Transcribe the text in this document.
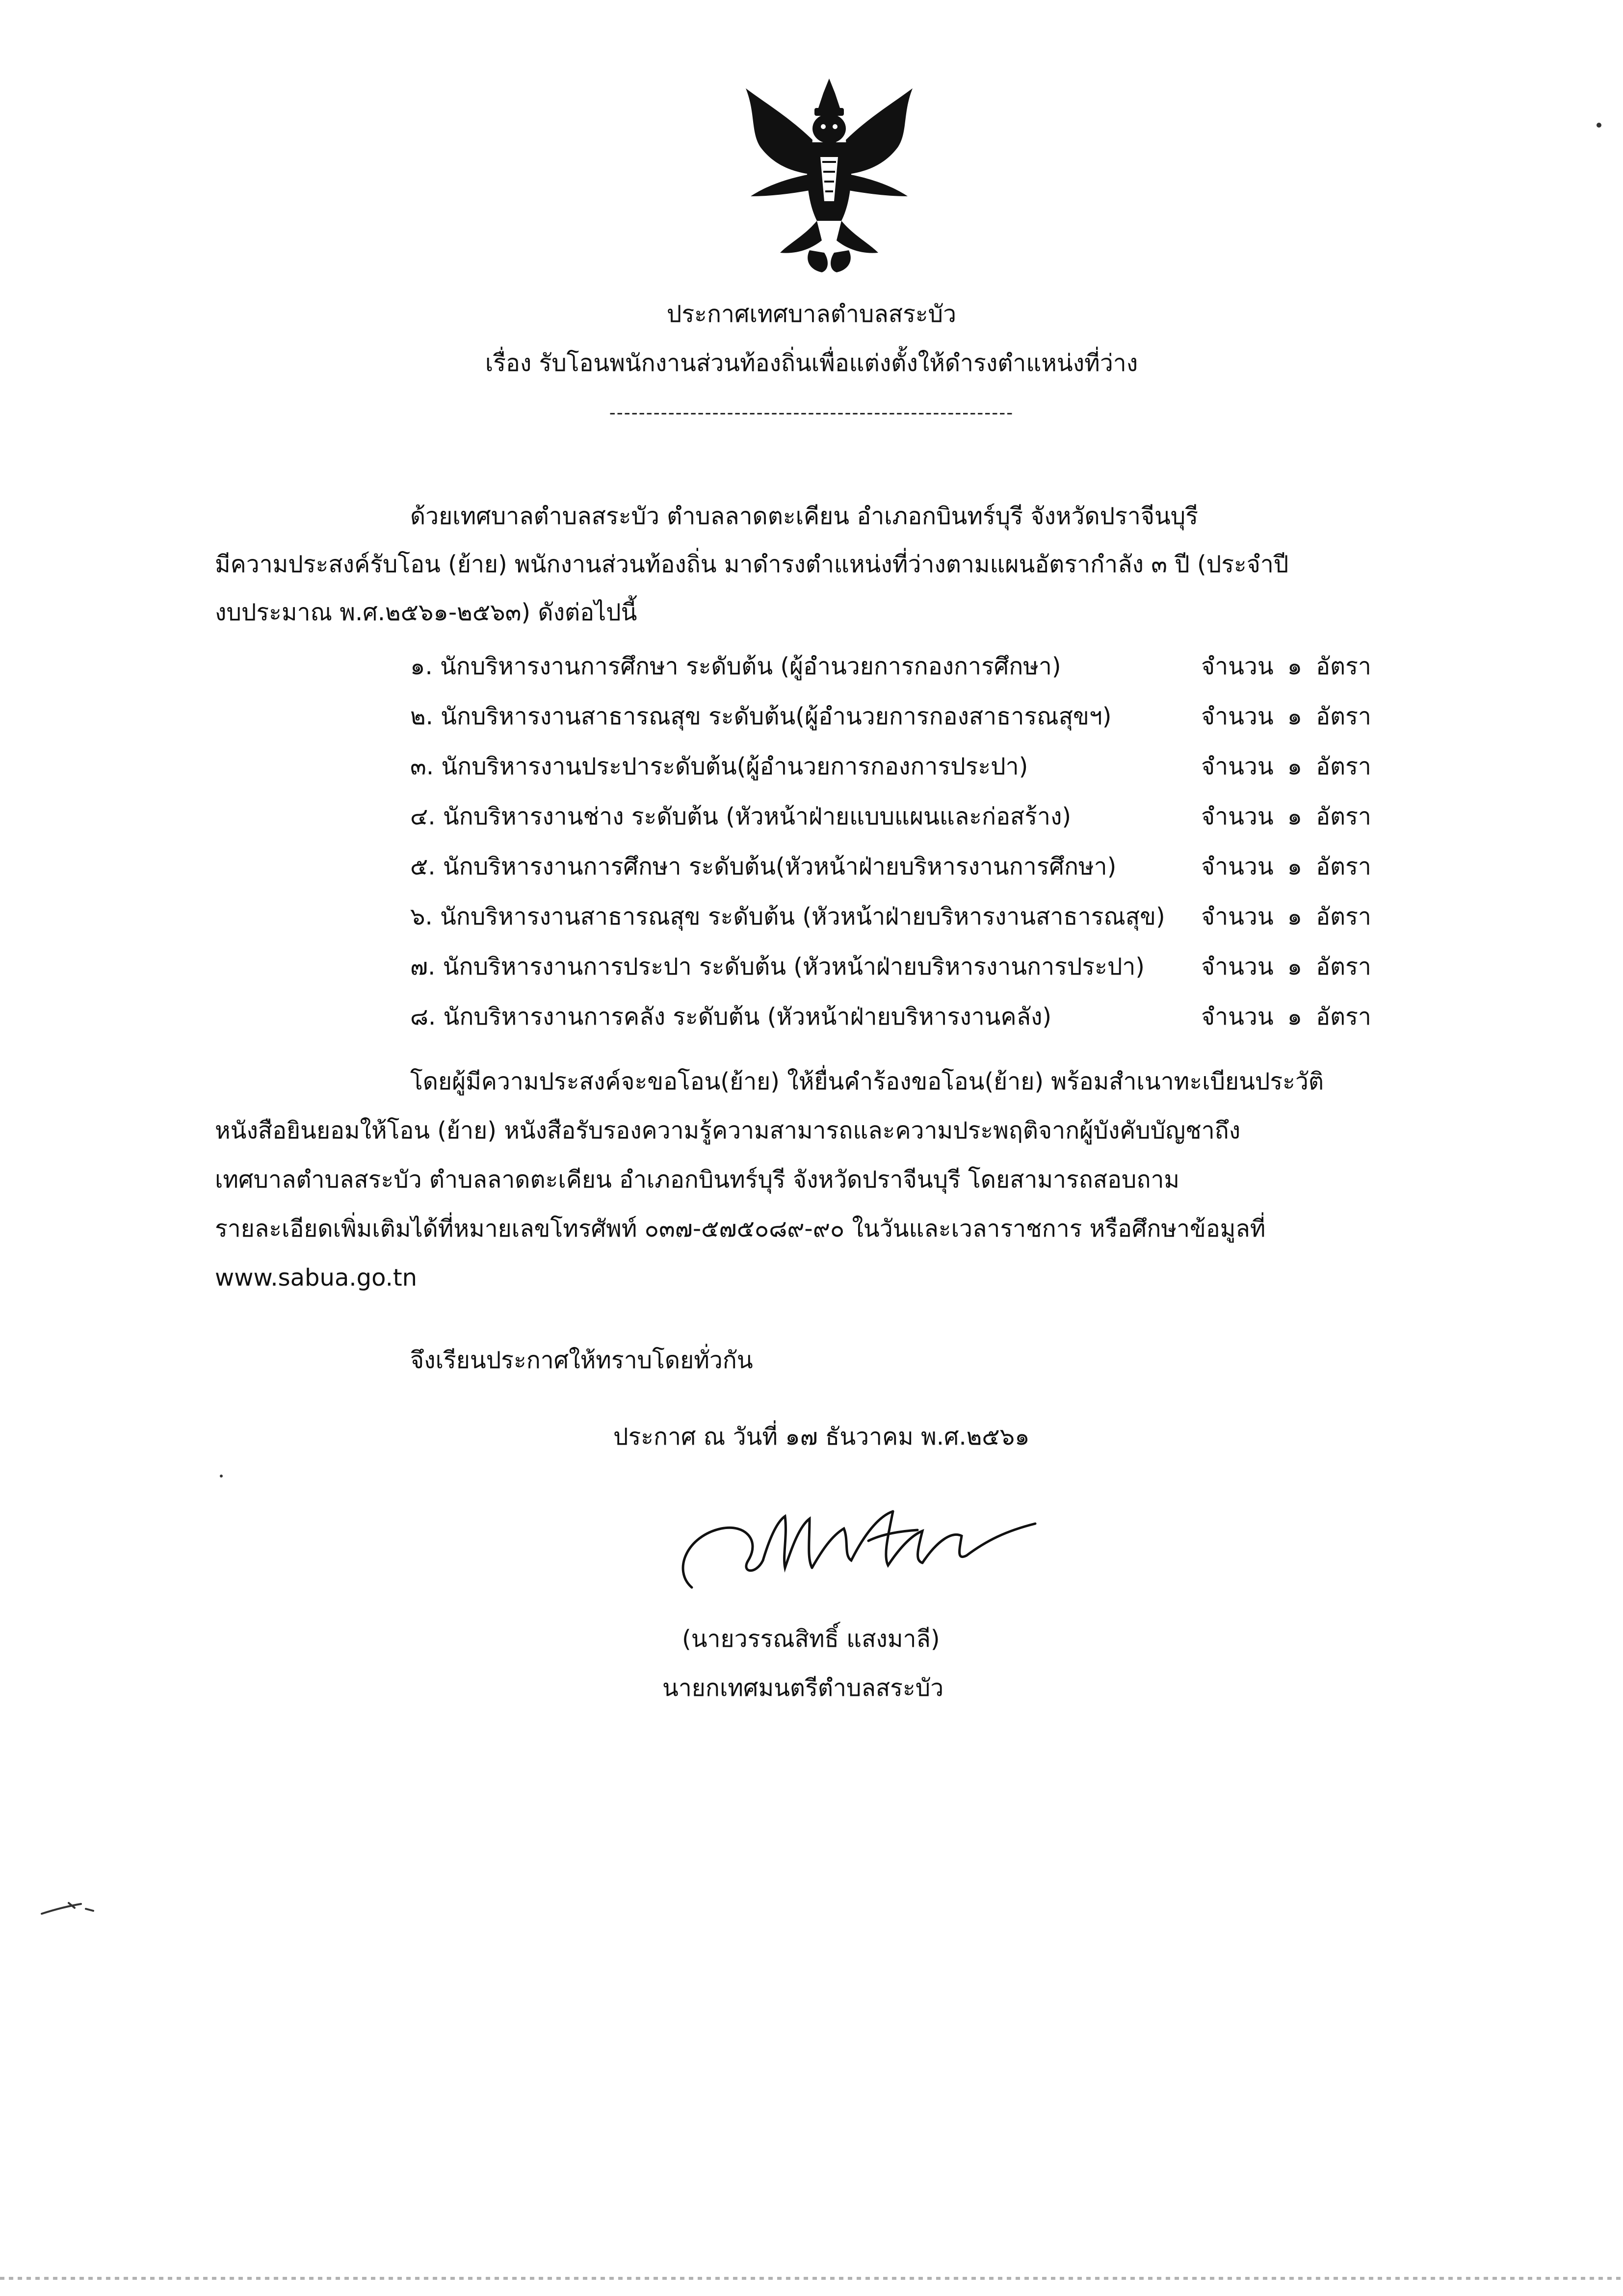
ประกาศเทศบาลตำบลสระบัว
เรื่อง รับโอนพนักงานส่วนท้องถิ่นเพื่อแต่งตั้งให้ดำรงตำแหน่งที่ว่าง
-------------------------------------------------------
ด้วยเทศบาลตำบลสระบัว ตำบลลาดตะเคียน อำเภอกบินทร์บุรี จังหวัดปราจีนบุรี
มีความประสงค์รับโอน (ย้าย) พนักงานส่วนท้องถิ่น มาดำรงตำแหน่งที่ว่างตามแผนอัตรากำลัง ๓ ปี (ประจำปี
งบประมาณ พ.ศ.๒๕๖๑-๒๕๖๓) ดังต่อไปนี้
๑. นักบริหารงานการศึกษา ระดับต้น (ผู้อำนวยการกองการศึกษา)	จำนวน ๑ อัตรา
๒. นักบริหารงานสาธารณสุข ระดับต้น(ผู้อำนวยการกองสาธารณสุขฯ)	จำนวน ๑ อัตรา
๓. นักบริหารงานประปาระดับต้น(ผู้อำนวยการกองการประปา)	จำนวน ๑ อัตรา
๔. นักบริหารงานช่าง ระดับต้น (หัวหน้าฝ่ายแบบแผนและก่อสร้าง)	จำนวน ๑ อัตรา
๕. นักบริหารงานการศึกษา ระดับต้น(หัวหน้าฝ่ายบริหารงานการศึกษา)	จำนวน ๑ อัตรา
๖. นักบริหารงานสาธารณสุข ระดับต้น (หัวหน้าฝ่ายบริหารงานสาธารณสุข) จำนวน ๑ อัตรา
๗. นักบริหารงานการประปา ระดับต้น (หัวหน้าฝ่ายบริหารงานการประปา) จำนวน ๑ อัตรา
๘. นักบริหารงานการคลัง ระดับต้น (หัวหน้าฝ่ายบริหารงานคลัง)	จำนวน ๑ อัตรา
โดยผู้มีความประสงค์จะขอโอน(ย้าย) ให้ยื่นคำร้องขอโอน(ย้าย) พร้อมสำเนาทะเบียนประวัติ
หนังสือยินยอมให้โอน (ย้าย) หนังสือรับรองความรู้ความสามารถและความประพฤติจากผู้บังคับบัญชาถึง
เทศบาลตำบลสระบัว ตำบลลาดตะเคียน อำเภอกบินทร์บุรี จังหวัดปราจีนบุรี โดยสามารถสอบถาม
รายละเอียดเพิ่มเติมได้ที่หมายเลขโทรศัพท์ ๐๓๗-๕๗๕๐๘๙-๙๐ ในวันและเวลาราชการ หรือศึกษาข้อมูลที่
www.sabua.go.tn
จึงเรียนประกาศให้ทราบโดยทั่วกัน
ประกาศ ณ วันที่ ๑๗ ธันวาคม พ.ศ.๒๕๖๑
(นายวรรณสิทธิ์ แสงมาลี)
นายกเทศมนตรีตำบลสระบัว
